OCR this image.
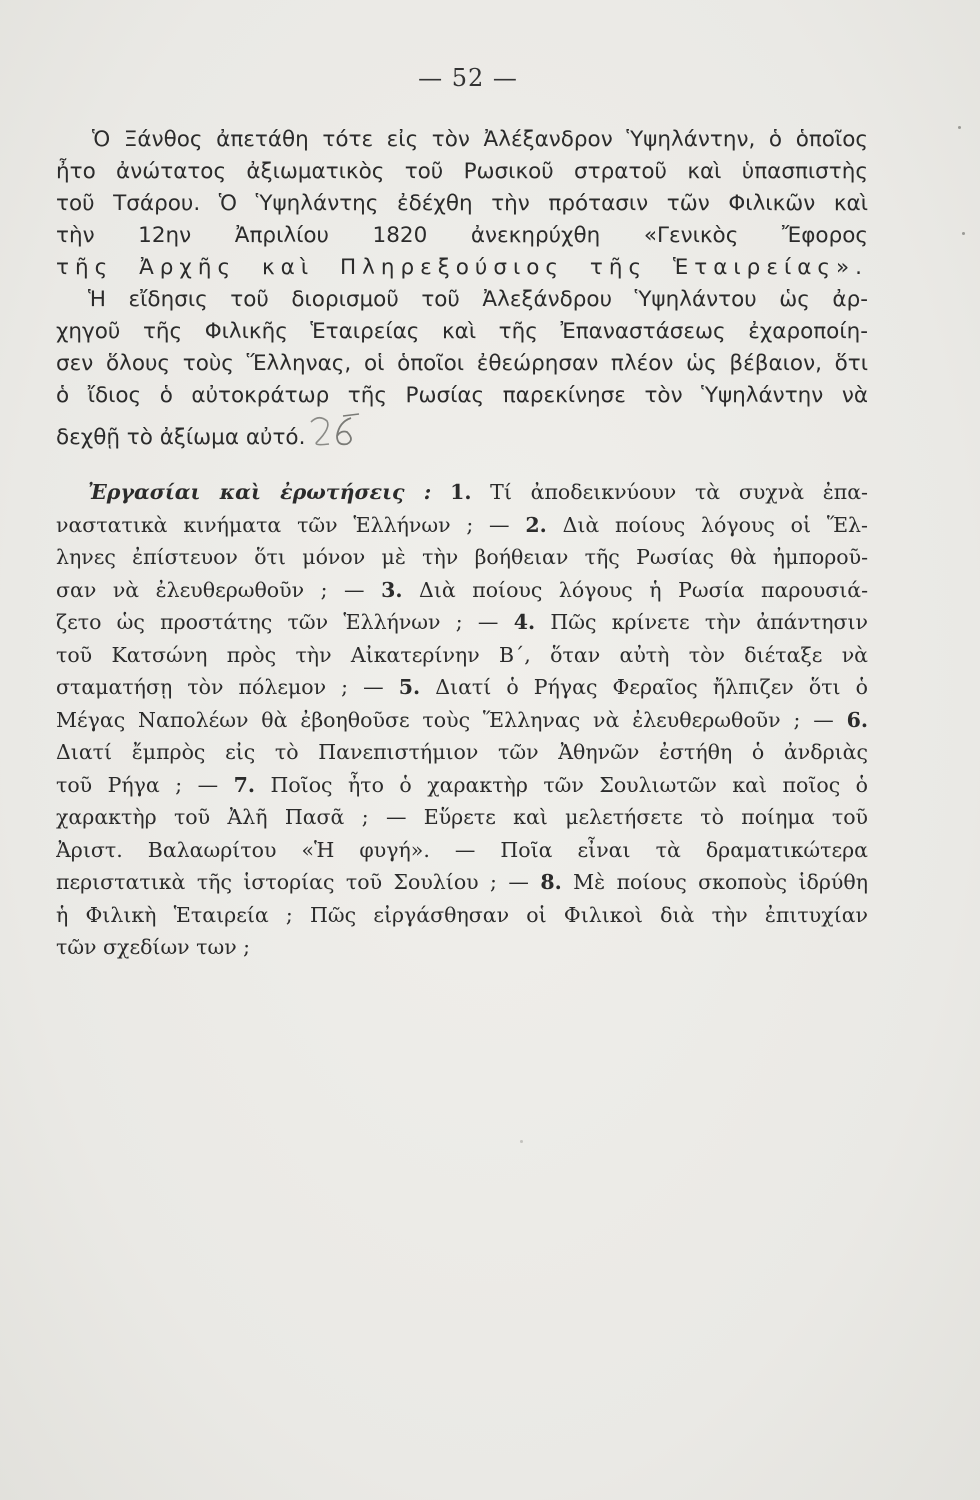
— 52 —
Ὁ Ξάνθος ἀπετάθη τότε εἰς τὸν Ἀλέξανδρον Ὑψηλάντην, ὁ ὁποῖος
ἦτο ἀνώτατος ἀξιωματικὸς τοῦ Ρωσικοῦ στρατοῦ καὶ ὑπασπιστὴς
τοῦ Τσάρου. Ὁ Ὑψηλάντης ἐδέχθη τὴν πρότασιν τῶν Φιλικῶν καὶ
τὴν 12ην Ἀπριλίου 1820 ἀνεκηρύχθη «Γενικὸς Ἔφορος
τῆς Ἀρχῆς καὶ Πληρεξούσιος τῆς Ἑταιρείας».
Ἡ εἴδησις τοῦ διορισμοῦ τοῦ Ἀλεξάνδρου Ὑψηλάντου ὡς ἀρ-
χηγοῦ τῆς Φιλικῆς Ἑταιρείας καὶ τῆς Ἐπαναστάσεως ἐχαροποίη-
σεν ὅλους τοὺς Ἕλληνας, οἱ ὁποῖοι ἐθεώρησαν πλέον ὡς βέβαιον, ὅτι
ὁ ἴδιος ὁ αὐτοκράτωρ τῆς Ρωσίας παρεκίνησε τὸν Ὑψηλάντην νὰ
δεχθῇ τὸ ἀξίωμα αὐτό.
Ἐργασίαι καὶ ἐρωτήσεις : 1. Τί ἀποδεικνύουν τὰ συχνὰ ἐπα-
ναστατικὰ κινήματα τῶν Ἑλλήνων ; — 2. Διὰ ποίους λόγους οἱ Ἕλ-
ληνες ἐπίστευον ὅτι μόνον μὲ τὴν βοήθειαν τῆς Ρωσίας θὰ ἠμποροῦ-
σαν νὰ ἐλευθερωθοῦν ; — 3. Διὰ ποίους λόγους ἡ Ρωσία παρουσιά-
ζετο ὡς προστάτης τῶν Ἑλλήνων ; — 4. Πῶς κρίνετε τὴν ἀπάντησιν
τοῦ Κατσώνη πρὸς τὴν Αἰκατερίνην Β΄, ὅταν αὐτὴ τὸν διέταξε νὰ
σταματήσῃ τὸν πόλεμον ; — 5. Διατί ὁ Ρήγας Φεραῖος ἤλπιζεν ὅτι ὁ
Μέγας Ναπολέων θὰ ἐβοηθοῦσε τοὺς Ἕλληνας νὰ ἐλευθερωθοῦν ; — 6.
Διατί ἔμπρὸς εἰς τὸ Πανεπιστήμιον τῶν Ἀθηνῶν ἐστήθη ὁ ἀνδριὰς
τοῦ Ρήγα ; — 7. Ποῖος ἦτο ὁ χαρακτὴρ τῶν Σουλιωτῶν καὶ ποῖος ὁ
χαρακτὴρ τοῦ Ἀλῆ Πασᾶ ; — Εὕρετε καὶ μελετήσετε τὸ ποίημα τοῦ
Ἀριστ. Βαλαωρίτου «Ἡ φυγή». — Ποῖα εἶναι τὰ δραματικώτερα
περιστατικὰ τῆς ἱστορίας τοῦ Σουλίου ; — 8. Μὲ ποίους σκοποὺς ἱδρύθη
ἡ Φιλικὴ Ἑταιρεία ; Πῶς εἰργάσθησαν οἱ Φιλικοὶ διὰ τὴν ἐπιτυχίαν
τῶν σχεδίων των ;
